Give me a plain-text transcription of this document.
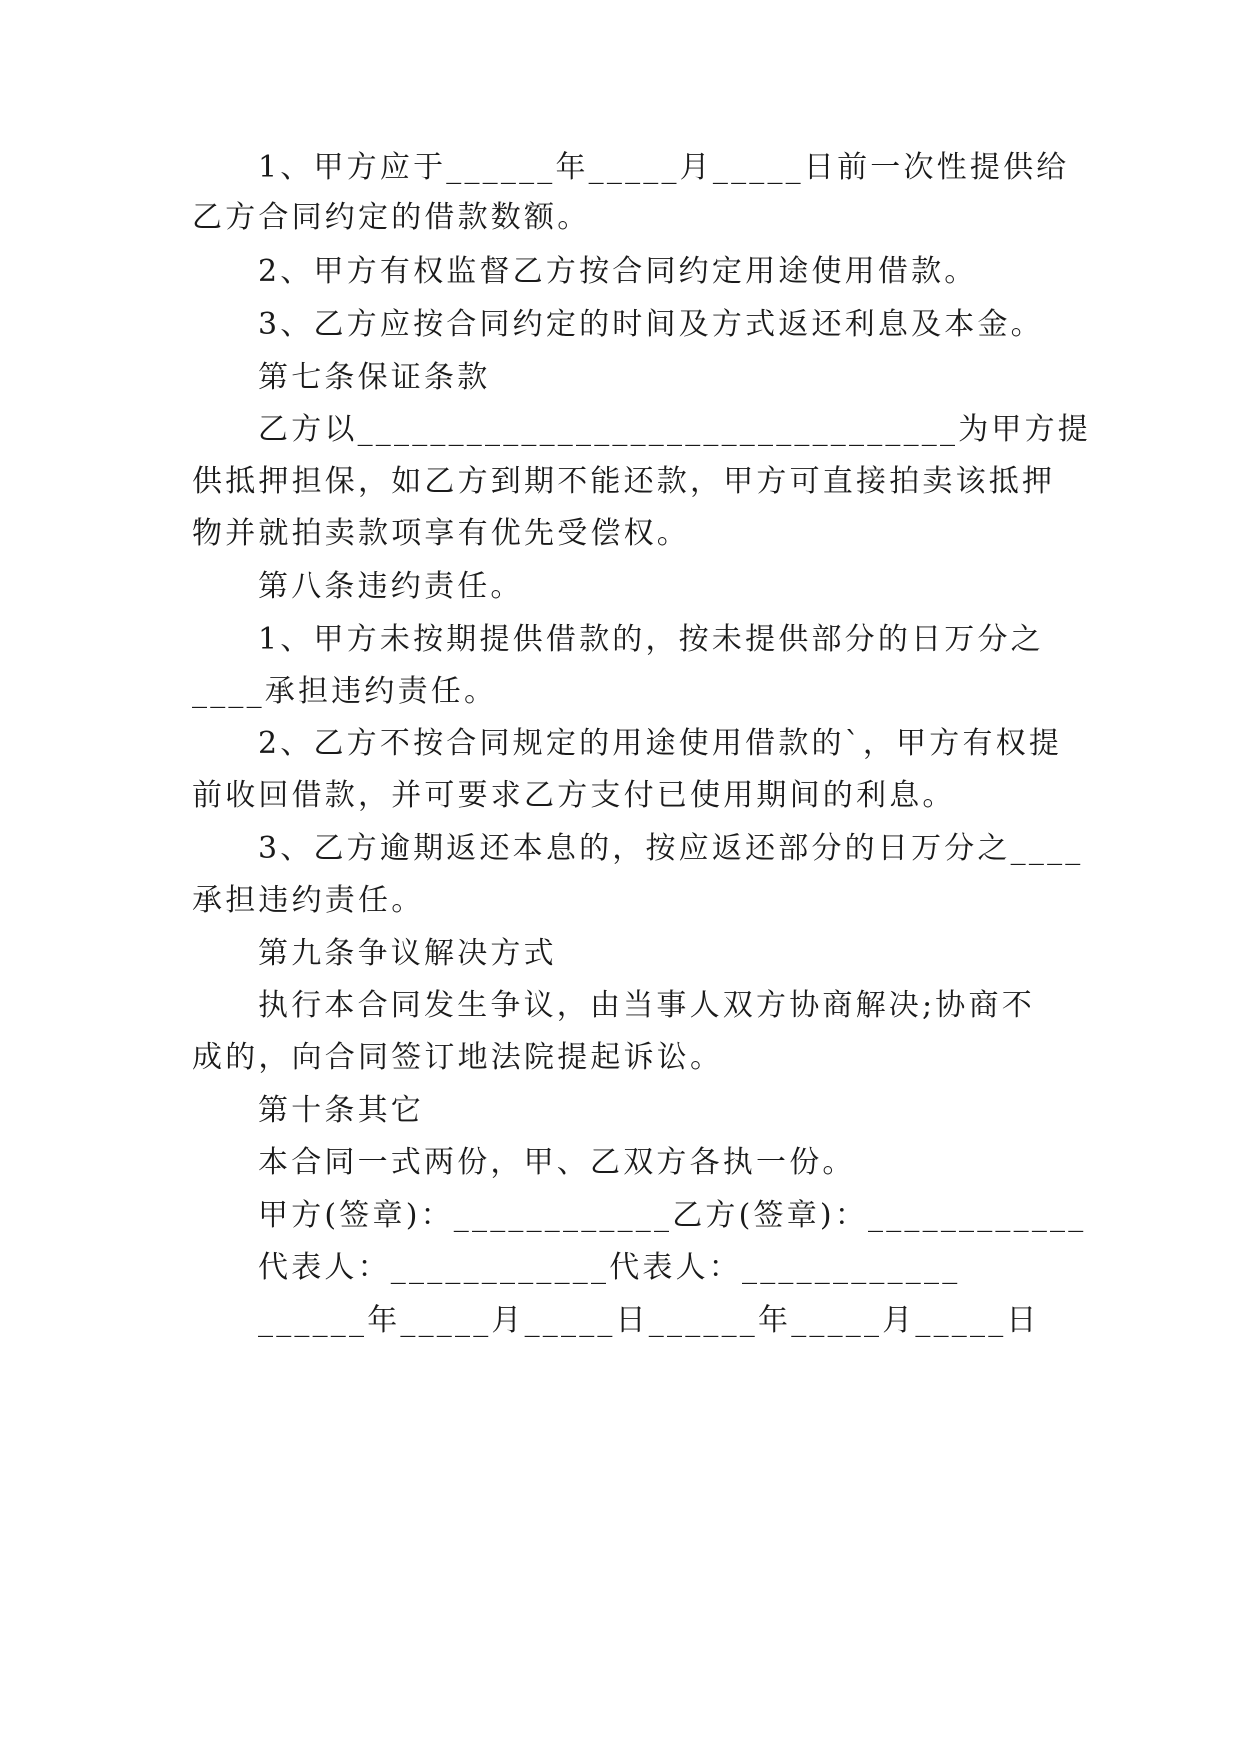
1、甲方应于______年_____月_____日前一次性提供给
乙方合同约定的借款数额。
2、甲方有权监督乙方按合同约定用途使用借款。
3、乙方应按合同约定的时间及方式返还利息及本金。
第七条保证条款
乙方以_________________________________为甲方提
供抵押担保，如乙方到期不能还款，甲方可直接拍卖该抵押
物并就拍卖款项享有优先受偿权。
第八条违约责任。
1、甲方未按期提供借款的，按未提供部分的日万分之
____承担违约责任。
2、乙方不按合同规定的用途使用借款的`，甲方有权提
前收回借款，并可要求乙方支付已使用期间的利息。
3、乙方逾期返还本息的，按应返还部分的日万分之____
承担违约责任。
第九条争议解决方式
执行本合同发生争议，由当事人双方协商解决;协商不
成的，向合同签订地法院提起诉讼。
第十条其它
本合同一式两份，甲、乙双方各执一份。
甲方(签章)：____________乙方(签章)：____________
代表人：____________代表人：____________
______年_____月_____日______年_____月_____日
